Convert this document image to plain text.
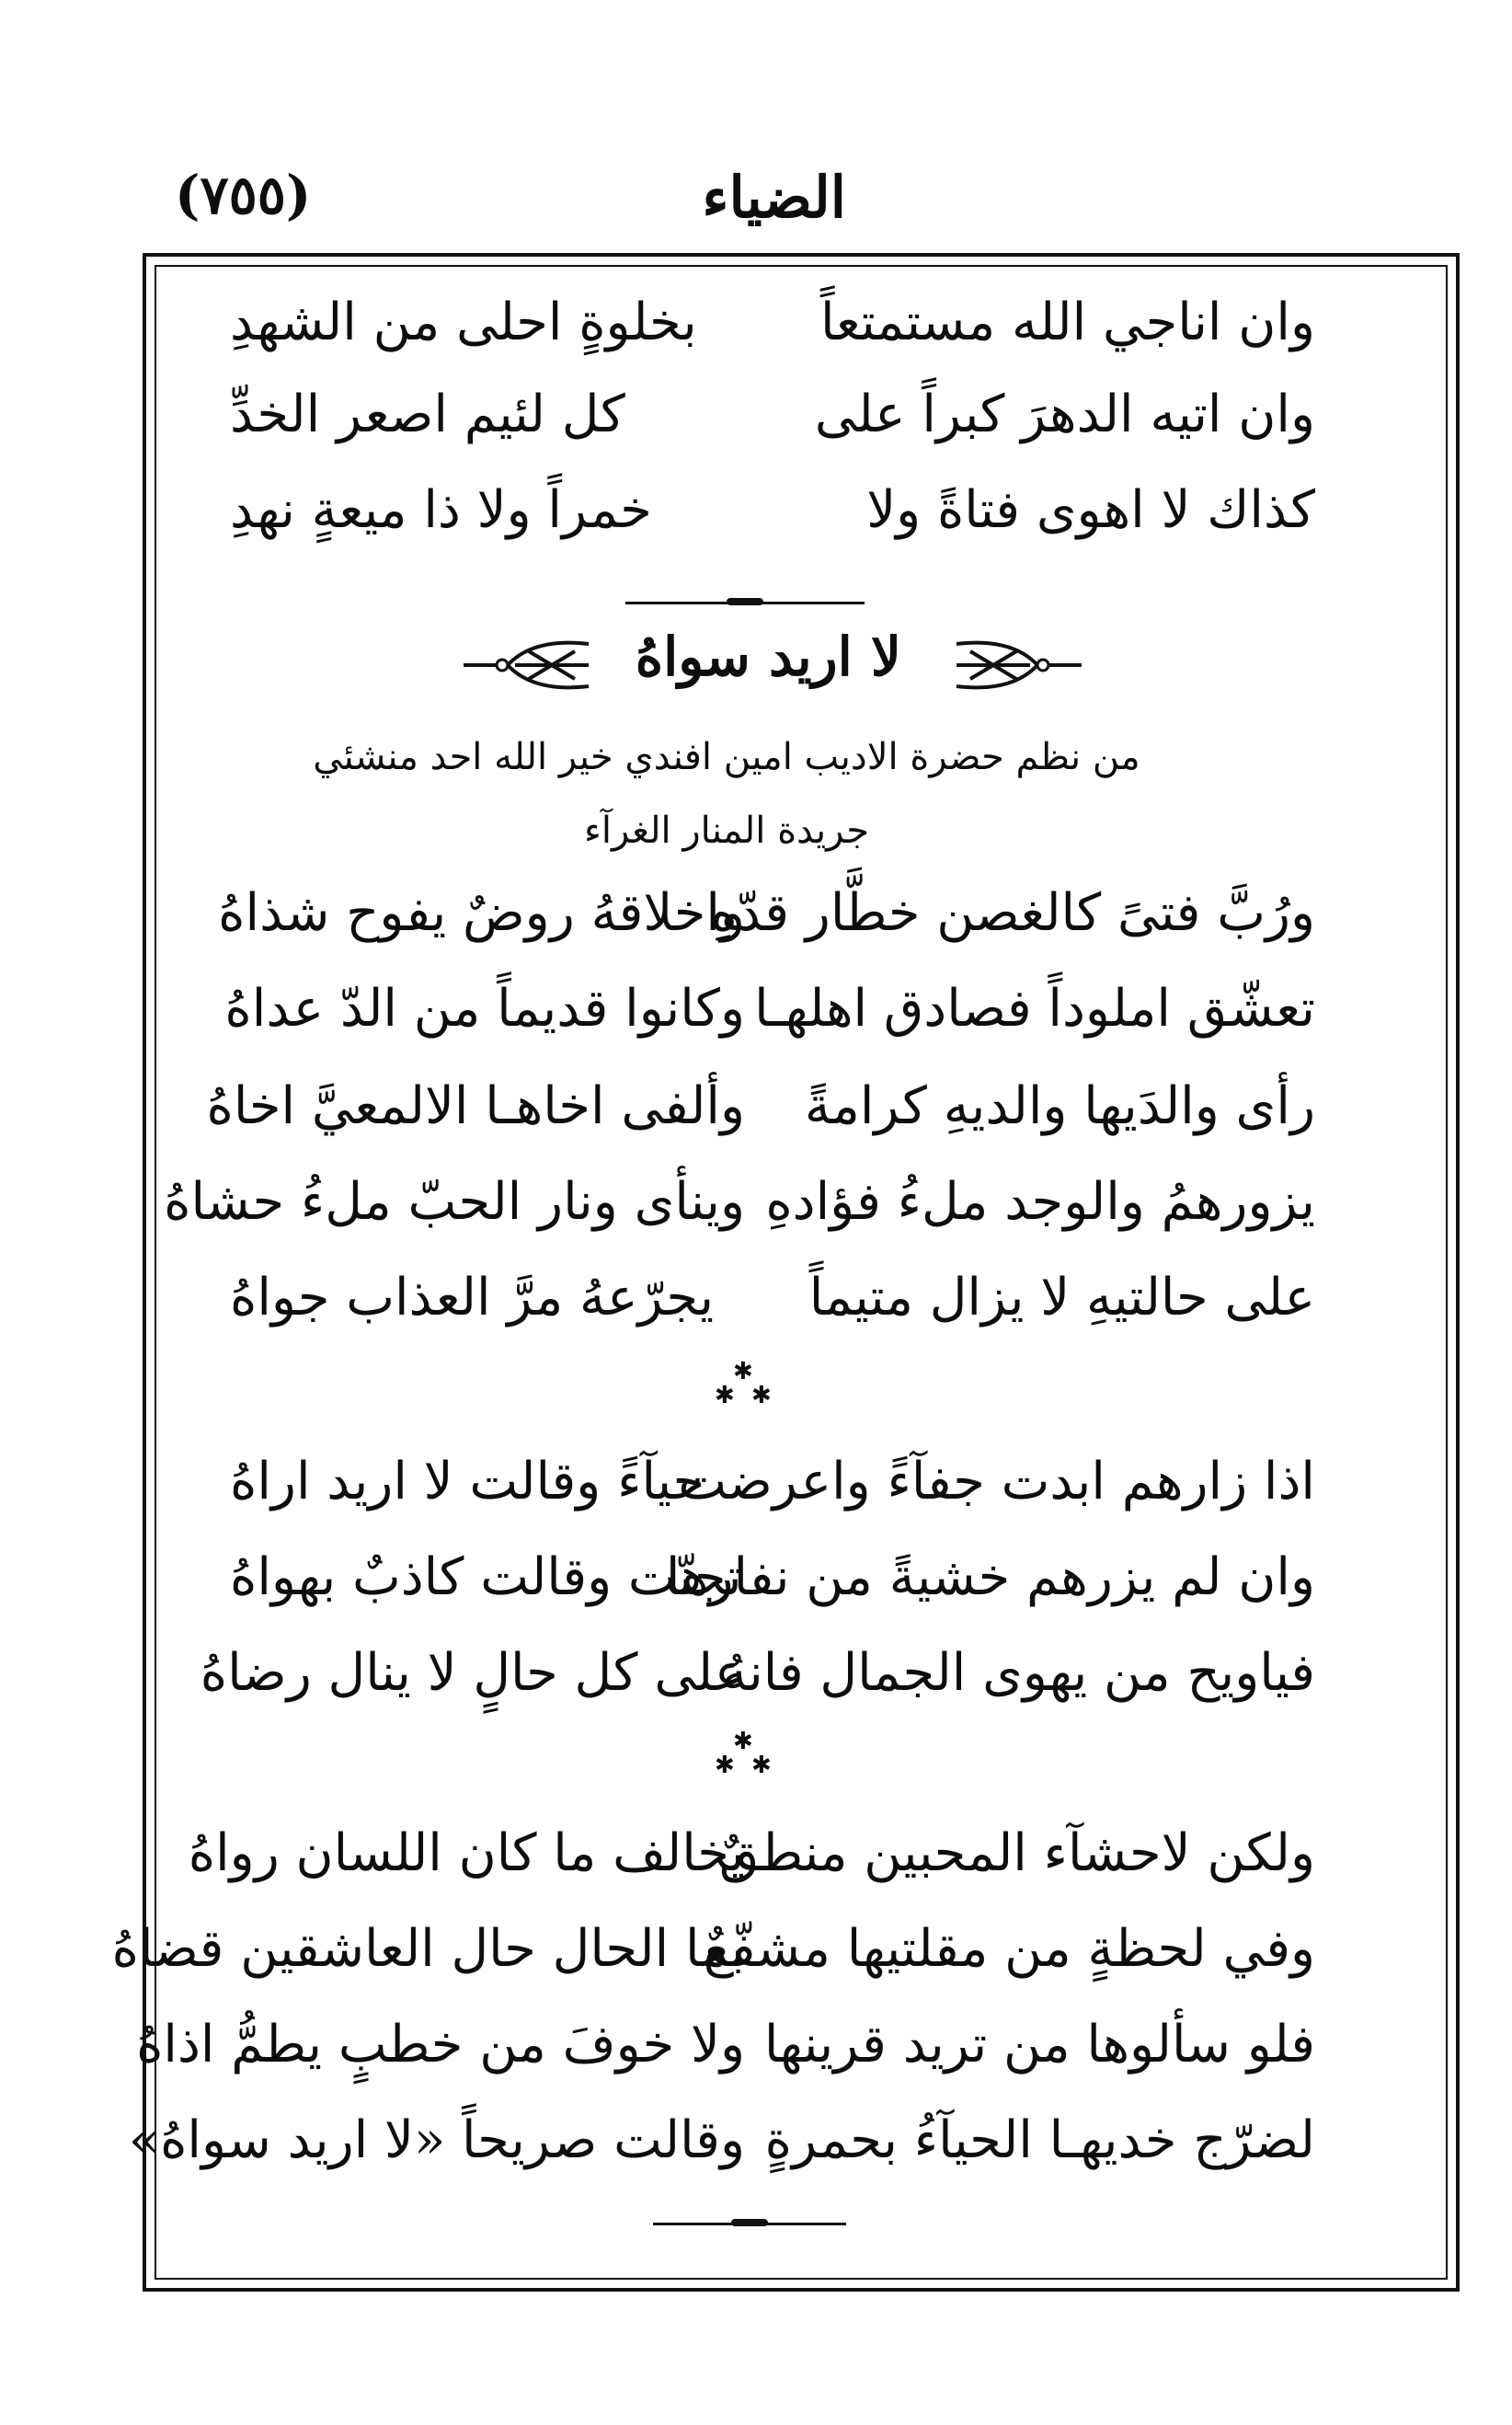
الضياء
(٧٥٥)
وان اناجي الله مستمتعاً
بخلوةٍ احلى من الشهدِ
وان اتيه الدهرَ كبراً على
كل لئيم اصعر الخدِّ
كذاك لا اهوى فتاةً ولا
خمراً ولا ذا ميعةٍ نهدِ
لا اريد سواهُ
من نظم حضرة الاديب امين افندي خير الله احد منشئي
جريدة المنار الغرآء
ورُبَّ فتىً كالغصن خطَّار قدّهِ
واخلاقهُ روضٌ يفوح شذاهُ
تعشّق املوداً فصادق اهلهـا
وكانوا قديماً من الدّ عداهُ
رأى والدَيها والديهِ كرامةً
وألفى اخاهـا الالمعيَّ اخاهُ
يزورهمُ والوجد ملءُ فؤادهِ
وينأى ونار الحبّ ملءُ حشاهُ
على حالتيهِ لا يزال متيماً
يجرّعهُ مرَّ العذاب جواهُ
✱
✱ ✱
اذا زارهم ابدت جفآءً واعرضت
حيآءً وقالت لا اريد اراهُ
وان لم يزرهم خشيةً من نفارها
تجنّت وقالت كاذبٌ بهواهُ
فياويح من يهوى الجمال فانهُ
على كل حالٍ لا ينال رضاهُ
✱
✱ ✱
ولكن لاحشآء المحبين منطقٌ
يخالف ما كان اللسان رواهُ
وفي لحظةٍ من مقلتيها مشفّعٌ
بما الحال حال العاشقين قضاهُ
فلو سألوها من تريد قرينها
ولا خوفَ من خطبٍ يطمُّ اذاهُ
لضرّج خديهـا الحيآءُ بحمرةٍ
وقالت صريحاً «لا اريد سواهُ»
